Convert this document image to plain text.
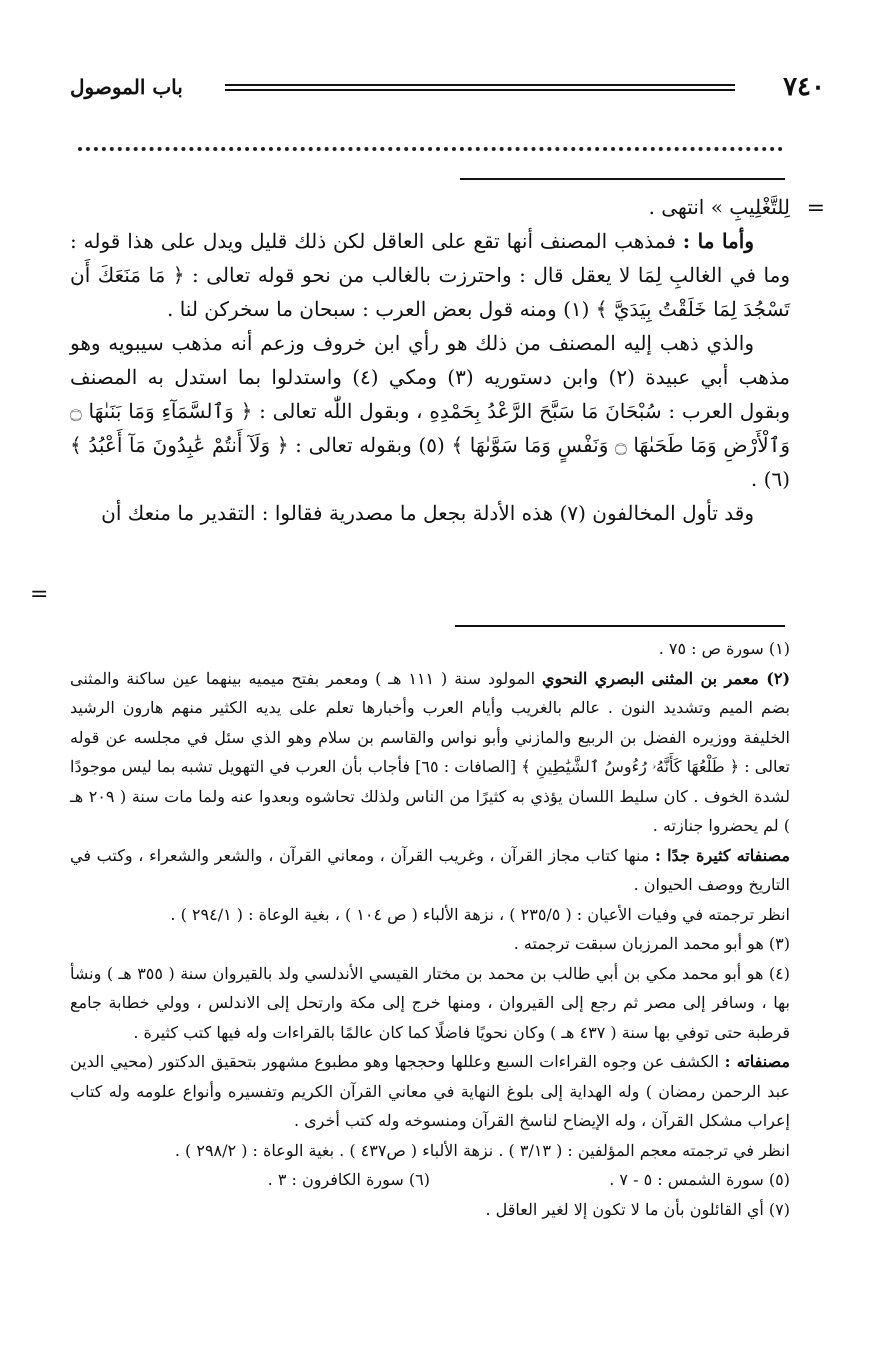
٧٤٠
باب الموصول
=

لِلتَّغْلِيبِ » انتهى .

وأما ما : فمذهب المصنف أنها تقع على العاقل لكن ذلك قليل ويدل على هذا قوله : وما في الغالبِ لِمَا لا يعقل قال : واحترزت بالغالب من نحو قوله تعالى : ﴿ مَا مَنَعَكَ أَن تَسْجُدَ لِمَا خَلَقْتُ بِيَدَيَّ ﴾ (١) ومنه قول بعض العرب : سبحان ما سخركن لنا .

والذي ذهب إليه المصنف من ذلك هو رأي ابن خروف وزعم أنه مذهب سيبويه وهو مذهب أبي عبيدة (٢) وابن دستوريه (٣) ومكي (٤) واستدلوا بما استدل به المصنف وبقول العرب : سُبْحَانَ مَا سَبَّحَ الرَّعْدُ بِحَمْدِهِ ، وبقول اللّٰه تعالى : ﴿ وَٱلسَّمَآءِ وَمَا بَنَىٰهَا ۝ وَٱلْأَرْضِ وَمَا طَحَىٰهَا ۝ وَنَفْسٍ وَمَا سَوَّىٰهَا ﴾ (٥) وبقوله تعالى : ﴿ وَلَآ أَنتُمْ عَٰبِدُونَ مَآ أَعْبُدُ ﴾ (٦) .

وقد تأول المخالفون (٧) هذه الأدلة بجعل ما مصدرية فقالوا : التقدير ما منعك أن

=

(١) سورة ص : ٧٥ .

(٢) معمر بن المثنى البصري النحوي المولود سنة ( ١١١ هـ ) ومعمر بفتح ميميه بينهما عين ساكنة والمثنى بضم الميم وتشديد النون . عالم بالغريب وأيام العرب وأخبارها تعلم على يديه الكثير منهم هارون الرشيد الخليفة ووزيره الفضل بن الربيع والمازني وأبو نواس والقاسم بن سلام وهو الذي سئل في مجلسه عن قوله تعالى : ﴿ طَلْعُهَا كَأَنَّهُۥ رُءُوسُ ٱلشَّيَٰطِينِ ﴾ [الصافات : ٦٥] فأجاب بأن العرب في التهويل تشبه بما ليس موجودًا لشدة الخوف . كان سليط اللسان يؤذي به كثيرًا من الناس ولذلك تحاشوه وبعدوا عنه ولما مات سنة ( ٢٠٩ هـ ) لم يحضروا جنازته .

مصنفاته كثيرة جدًا : منها كتاب مجاز القرآن ، وغريب القرآن ، ومعاني القرآن ، والشعر والشعراء ، وكتب في التاريخ ووصف الحيوان .

انظر ترجمته في وفيات الأعيان : ( ٢٣٥/٥ ) ، نزهة الألباء ( ص ١٠٤ ) ، بغية الوعاة : ( ٢٩٤/١ ) .

(٣) هو أبو محمد المرزبان سبقت ترجمته .

(٤) هو أبو محمد مكي بن أبي طالب بن محمد بن مختار القيسي الأندلسي ولد بالقيروان سنة ( ٣٥٥ هـ ) ونشأ بها ، وسافر إلى مصر ثم رجع إلى القيروان ، ومنها خرج إلى مكة وارتحل إلى الاندلس ، وولي خطابة جامع قرطبة حتى توفي بها سنة ( ٤٣٧ هـ ) وكان نحويًا فاضلًا كما كان عالمًا بالقراءات وله فيها كتب كثيرة .

مصنفاته : الكشف عن وجوه القراءات السبع وعللها وحججها وهو مطبوع مشهور بتحقيق الدكتور (محيي الدين عبد الرحمن رمضان ) وله الهداية إلى بلوغ النهاية في معاني القرآن الكريم وتفسيره وأنواع علومه وله كتاب إعراب مشكل القرآن ، وله الإيضاح لناسخ القرآن ومنسوخه وله كتب أخرى .

انظر في ترجمته معجم المؤلفين : ( ٣/١٣ ) . نزهة الألباء ( ص٤٣٧ ) . بغية الوعاة : ( ٢٩٨/٢ ) .

(٥) سورة الشمس : ٥ - ٧ .
(٦) سورة الكافرون : ٣ .

(٧) أي القائلون بأن ما لا تكون إلا لغير العاقل .
